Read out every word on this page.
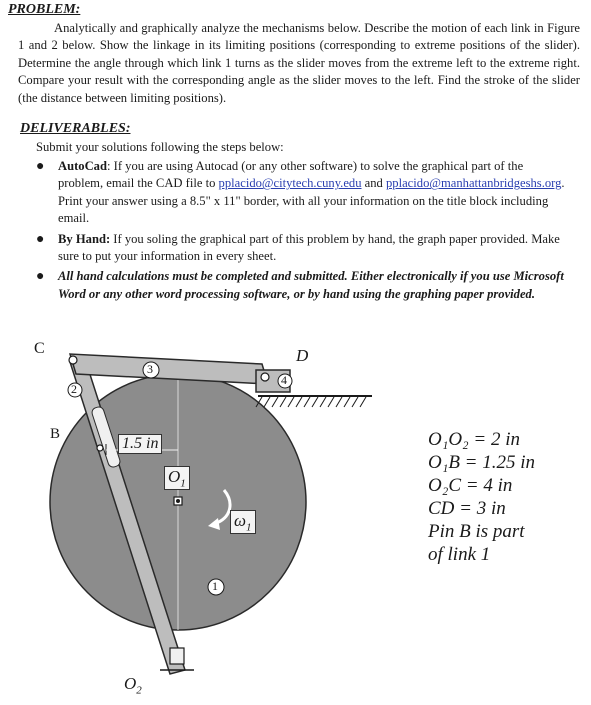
PROBLEM:
Analytically and graphically analyze the mechanisms below. Describe the motion of each link in Figure 1 and 2 below. Show the linkage in its limiting positions (corresponding to extreme positions of the slider). Determine the angle through which link 1 turns as the slider moves from the extreme left to the extreme right. Compare your result with the corresponding angle as the slider moves to the left. Find the stroke of the slider (the distance between limiting positions).
DELIVERABLES:
Submit your solutions following the steps below:
● AutoCad: If you are using Autocad (or any other software) to solve the graphical part of the problem, email the CAD file to pplacido@citytech.cuny.edu and pplacido@manhattanbridgeshs.org. Print your answer using a 8.5" x 11" border, with all your information on the title block including email.
● By Hand: If you soling the graphical part of this problem by hand, the graph paper provided. Make sure to put your information in every sheet.
● All hand calculations must be completed and submitted. Either electronically if you use Microsoft Word or any other word processing software, or by hand using the graphing paper provided.
C	D
B
3
4
2
1
1.5 in
$O_1$
$\omega_1$
$O_2$
O₁O₂ = 2 in
O₁B = 1.25 in
O₂C = 4 in
CD = 3 in
Pin B is part
of link 1
